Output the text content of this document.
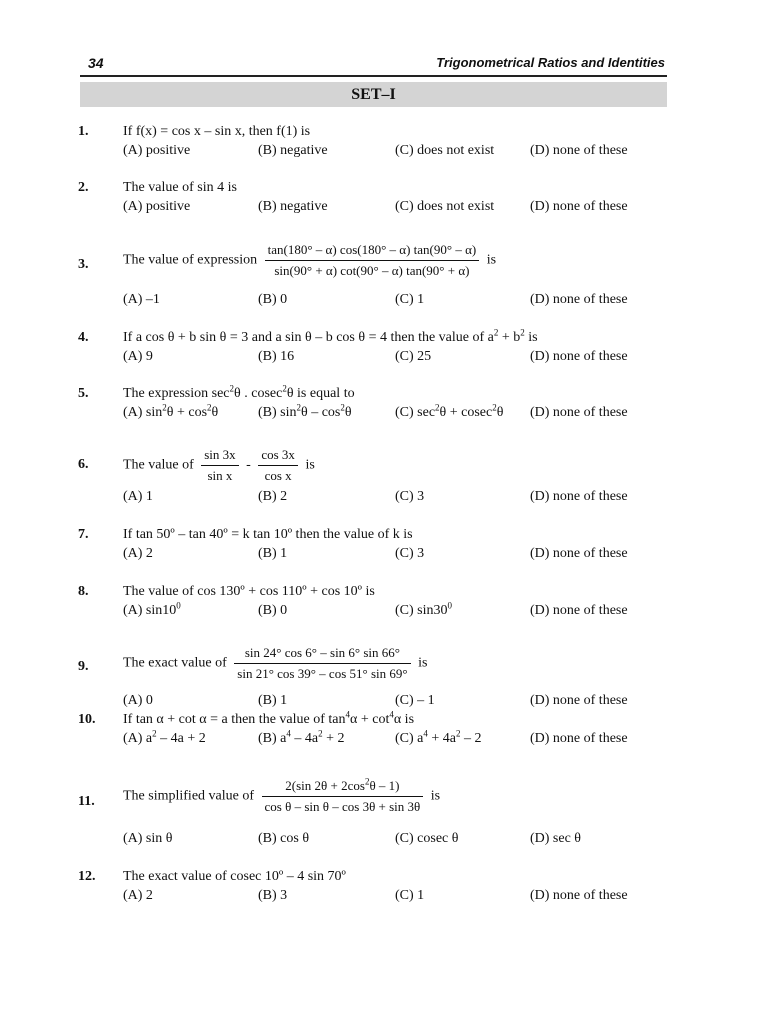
34	Trigonometrical Ratios and Identities
SET–I
1. If f(x) = cos x – sin x, then f(1) is
(A) positive	(B) negative	(C) does not exist	(D) none of these
2. The value of sin 4 is
(A) positive	(B) negative	(C) does not exist	(D) none of these
3. The value of expression $\frac{\tan(180^\circ - \alpha) \cos(180^\circ - \alpha) \tan(90^\circ - \alpha)}{\sin(90^\circ + \alpha) \cot(90^\circ - \alpha) \tan(90^\circ + \alpha)}$ is
(A) –1	(B) 0	(C) 1	(D) none of these
4. If a cos θ + b sin θ = 3 and a sin θ – b cos θ = 4 then the value of $a^2 + b^2$ is
(A) 9	(B) 16	(C) 25	(D) none of these
5. The expression $\sec^2\theta$ . cosec$^2$θ is equal to
(A) $\sin^2\theta + \cos^2\theta$	(B) $\sin^2\theta - \cos^2\theta$	(C) $\sec^2\theta + cosec^2\theta$ (D) none of these
6. The value of $\frac{\sin 3x}{\text{sin x}} - \frac{\cos 3x}{\text{cos x}}$ is
(A) 1	(B) 2	(C) 3	(D) none of these
7. If tan 50º – tan 40º = k tan 10º then the value of k is
(A) 2	(B) 1	(C) 3	(D) none of these
8. The value of cos 130º + cos 110º + cos 10º is
(A) $\sin 10^0$	(B) 0	(C) $\sin 30^0$	(D) none of these
9. The exact value of $\frac{\sin 24^\circ \cos 6^\circ - \sin 6^\circ \sin 66^\circ}{\sin 21^\circ \cos 39^\circ - \cos 51^\circ \sin 69^\circ}$ is
(A) 0	(B) 1	(C) – 1	(D) none of these
10. If tan α + cot α = a then the value of $\tan^4\alpha + \cot^4\alpha$ is
(A) $a^2 - 4a + 2$	(B) $a^4 - 4a^2 + 2$	(C) $a^4 + 4a^2 - 2$	(D) none of these
11. The simplified value of $\frac{2(\sin 2\theta + 2\cos^2\theta - 1)}{\text{cos θ – sin θ – cos 3θ + sin 3θ}}$ is
(A) sin θ	(B) cos θ	(C) cosec θ	(D) sec θ
12. The exact value of cosec 10º – 4 sin 70º
(A) 2	(B) 3	(C) 1	(D) none of these
